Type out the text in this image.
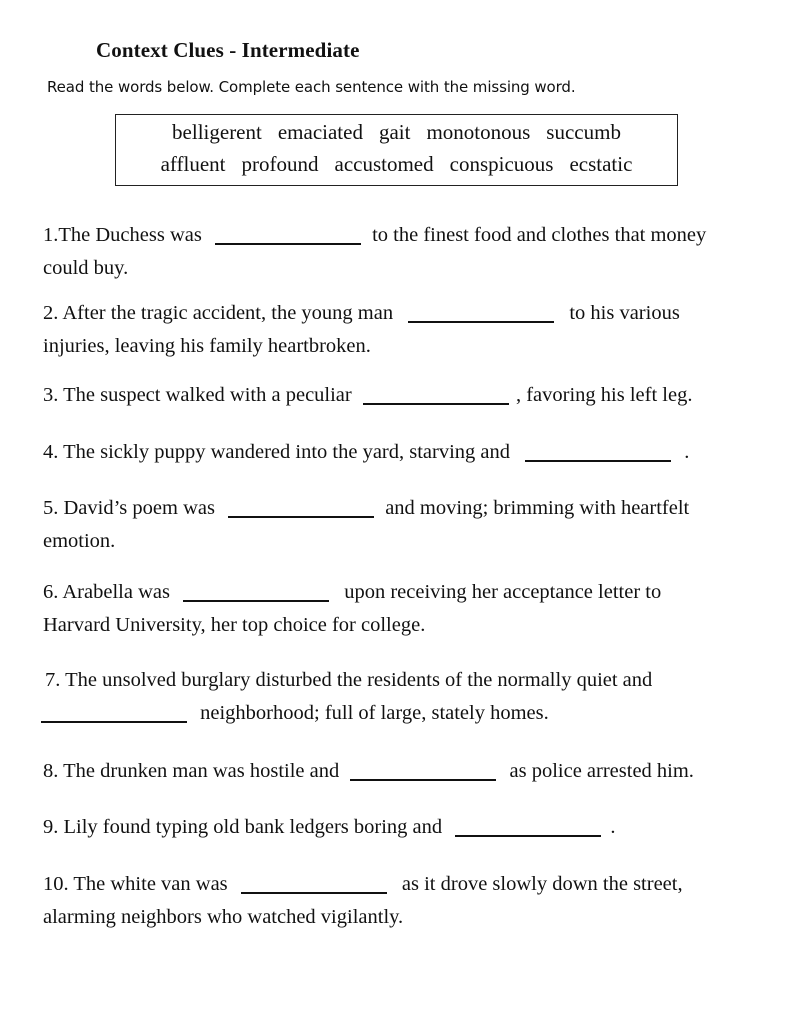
Context Clues - Intermediate
Read the words below. Complete each sentence with the missing word.
belligerent emaciated gait monotonous succumb
affluent profound accustomed conspicuous ecstatic
1.The Duchess was	to the finest food and clothes that money
could buy.
2. After the tragic accident, the young man	to his various
injuries, leaving his family heartbroken.
3. The suspect walked with a peculiar	, favoring his left leg.
4. The sickly puppy wandered into the yard, starving and	.
5. David’s poem was	and moving; brimming with heartfelt
emotion.
6. Arabella was	upon receiving her acceptance letter to
Harvard University, her top choice for college.
7. The unsolved burglary disturbed the residents of the normally quiet and
neighborhood; full of large, stately homes.
8. The drunken man was hostile and	as police arrested him.
9. Lily found typing old bank ledgers boring and	.
10. The white van was	as it drove slowly down the street,
alarming neighbors who watched vigilantly.
